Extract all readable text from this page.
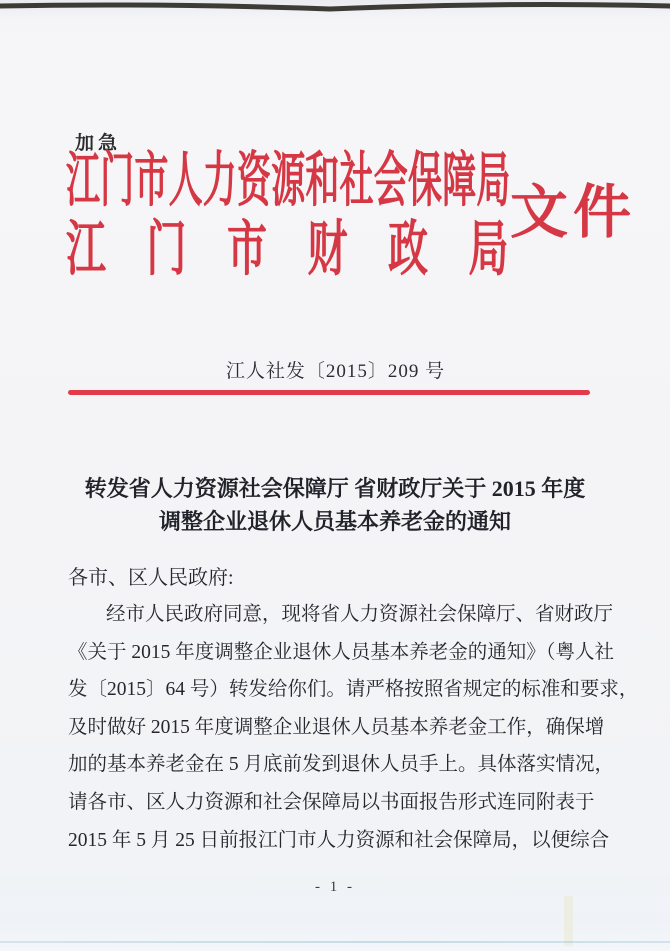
加急
江门市人力资源和社会保障局
江门市财政局
文件
江人社发〔2015〕209 号
转发省人力资源社会保障厅 省财政厅关于 2015 年度
调整企业退休人员基本养老金的通知
各市、区人民政府:
经市人民政府同意，现将省人力资源社会保障厅、省财政厅
《关于 2015 年度调整企业退休人员基本养老金的通知》（粤人社
发〔2015〕64 号）转发给你们。请严格按照省规定的标准和要求，
及时做好 2015 年度调整企业退休人员基本养老金工作，确保增
加的基本养老金在 5 月底前发到退休人员手上。具体落实情况，
请各市、区人力资源和社会保障局以书面报告形式连同附表于
2015 年 5 月 25 日前报江门市人力资源和社会保障局，以便综合
- 1 -
